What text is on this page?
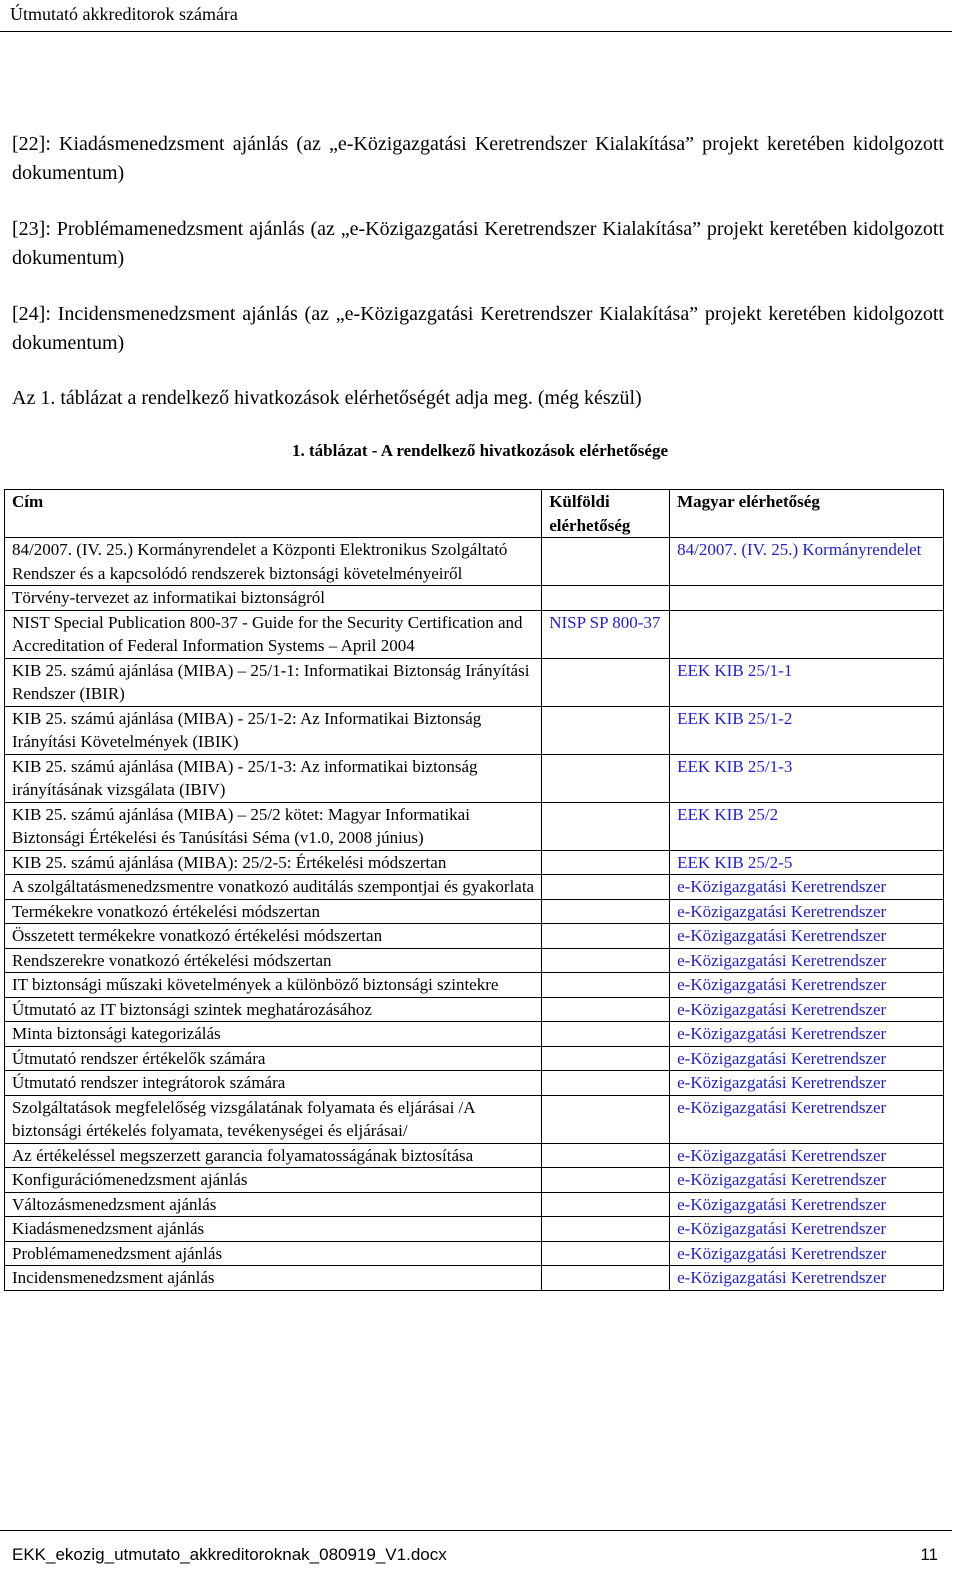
Útmutató akkreditorok számára

[22]: Kiadásmenedzsment ajánlás (az „e-Közigazgatási Keretrendszer Kialakítása” projekt keretében kidolgozott dokumentum)

[23]: Problémamenedzsment ajánlás (az „e-Közigazgatási Keretrendszer Kialakítása” projekt keretében kidolgozott dokumentum)

[24]: Incidensmenedzsment ajánlás (az „e-Közigazgatási Keretrendszer Kialakítása” projekt keretében kidolgozott dokumentum)

Az 1. táblázat a rendelkező hivatkozások elérhetőségét adja meg. (még készül)

1. táblázat - A rendelkező hivatkozások elérhetősége
Cím	Külföldi elérhetőség	Magyar elérhetőség
84/2007. (IV. 25.) Kormányrendelet a Központi Elektronikus Szolgáltató Rendszer és a kapcsolódó rendszerek biztonsági követelményeiről		84/2007. (IV. 25.) Kormányrendelet
Törvény-tervezet az informatikai biztonságról		
NIST Special Publication 800-37 - Guide for the Security Certification and Accreditation of Federal Information Systems – April 2004	NISP SP 800-37	
KIB 25. számú ajánlása (MIBA) – 25/1-1: Informatikai Biztonság Irányítási Rendszer (IBIR)		EEK KIB 25/1-1
KIB 25. számú ajánlása (MIBA) - 25/1-2: Az Informatikai Biztonság Irányítási Követelmények (IBIK)		EEK KIB 25/1-2
KIB 25. számú ajánlása (MIBA) - 25/1-3: Az informatikai biztonság irányításának vizsgálata (IBIV)		EEK KIB 25/1-3
KIB 25. számú ajánlása (MIBA) – 25/2 kötet: Magyar Informatikai Biztonsági Értékelési és Tanúsítási Séma (v1.0, 2008 június)		EEK KIB 25/2
KIB 25. számú ajánlása (MIBA): 25/2-5: Értékelési módszertan		EEK KIB 25/2-5
A szolgáltatásmenedzsmentre vonatkozó auditálás szempontjai és gyakorlata		e-Közigazgatási Keretrendszer
Termékekre vonatkozó értékelési módszertan		e-Közigazgatási Keretrendszer
Összetett termékekre vonatkozó értékelési módszertan		e-Közigazgatási Keretrendszer
Rendszerekre vonatkozó értékelési módszertan		e-Közigazgatási Keretrendszer
IT biztonsági műszaki követelmények a különböző biztonsági szintekre		e-Közigazgatási Keretrendszer
Útmutató az IT biztonsági szintek meghatározásához		e-Közigazgatási Keretrendszer
Minta biztonsági kategorizálás		e-Közigazgatási Keretrendszer
Útmutató rendszer értékelők számára		e-Közigazgatási Keretrendszer
Útmutató rendszer integrátorok számára		e-Közigazgatási Keretrendszer
Szolgáltatások megfelelőség vizsgálatának folyamata és eljárásai /A biztonsági értékelés folyamata, tevékenységei és eljárásai/		e-Közigazgatási Keretrendszer
Az értékeléssel megszerzett garancia folyamatosságának biztosítása		e-Közigazgatási Keretrendszer
Konfigurációmenedzsment ajánlás		e-Közigazgatási Keretrendszer
Változásmenedzsment ajánlás		e-Közigazgatási Keretrendszer
Kiadásmenedzsment ajánlás		e-Közigazgatási Keretrendszer
Problémamenedzsment ajánlás		e-Közigazgatási Keretrendszer
Incidensmenedzsment ajánlás		e-Közigazgatási Keretrendszer
EKK_ekozig_utmutato_akkreditoroknak_080919_V1.docx	11
